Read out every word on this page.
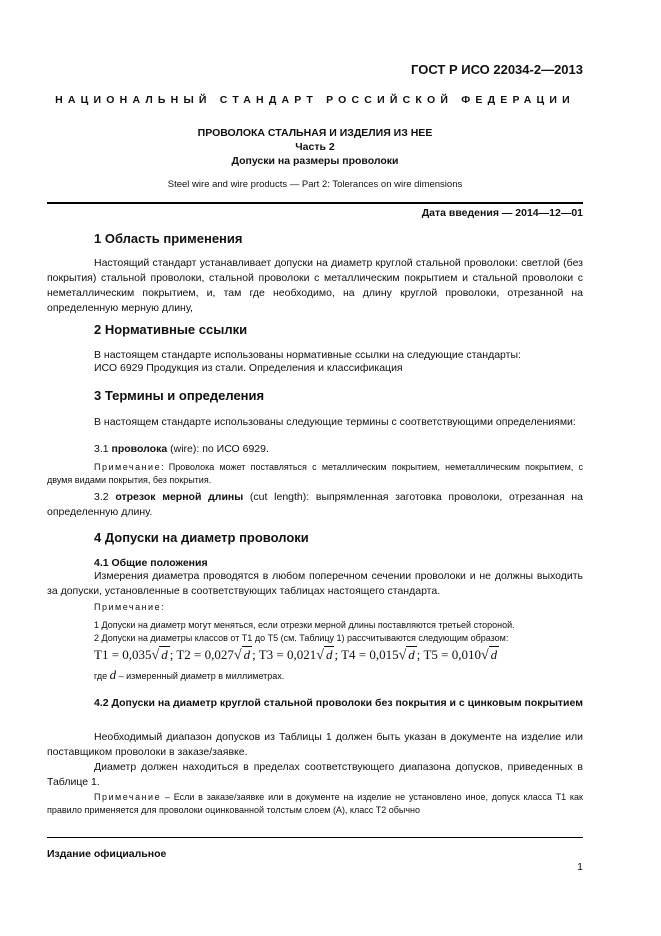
ГОСТ Р ИСО 22034-2—2013
НАЦИОНАЛЬНЫЙ СТАНДАРТ РОССИЙСКОЙ ФЕДЕРАЦИИ
ПРОВОЛОКА СТАЛЬНАЯ И ИЗДЕЛИЯ ИЗ НЕЕ
Часть 2
Допуски на размеры проволоки
Steel wire and wire products — Part 2: Tolerances on wire dimensions
Дата введения — 2014—12—01
1 Область применения
Настоящий стандарт устанавливает допуски на диаметр круглой стальной проволоки: светлой (без покрытия) стальной проволоки, стальной проволоки с металлическим покрытием и стальной проволоки с неметаллическим покрытием, и, там где необходимо, на длину круглой проволоки, отрезанной на определенную мерную длину,
2 Нормативные ссылки
В настоящем стандарте использованы нормативные ссылки на следующие стандарты:
ИСО 6929 Продукция из стали. Определения и классификация
3 Термины и определения
В настоящем стандарте использованы следующие термины с соответствующими определениями:
3.1 проволока (wire): по ИСО 6929.
Примечание: Проволока может поставляться с металлическим покрытием, неметаллическим покрытием, с двумя видами покрытия, без покрытия.
3.2 отрезок мерной длины (cut length): выпрямленная заготовка проволоки, отрезанная на определенную длину.
4 Допуски на диаметр проволоки
4.1 Общие положения
Измерения диаметра проводятся в любом поперечном сечении проволоки и не должны выходить за допуски, установленные в соответствующих таблицах настоящего стандарта.
Примечание:
1 Допуски на диаметр могут меняться, если отрезки мерной длины поставляются третьей стороной.
2 Допуски на диаметры классов от T1 до T5 (см. Таблицу 1) рассчитываются следующим образом:
T1 = 0,035√ d ; T2 = 0,027√ d ; T3 = 0,021√ d ; T4 = 0,015√ d ; T5 = 0,010√ d
где d – измеренный диаметр в миллиметрах.
4.2 Допуски на диаметр круглой стальной проволоки без покрытия и с цинковым покрытием
Необходимый диапазон допусков из Таблицы 1 должен быть указан в документе на изделие или поставщиком проволоки в заказе/заявке.
Диаметр должен находиться в пределах соответствующего диапазона допусков, приведенных в Таблице 1.
Примечание – Если в заказе/заявке или в документе на изделие не установлено иное, допуск класса T1 как правило применяется для проволоки оцинкованной толстым слоем (A), класс T2 обычно
Издание официальное
1
